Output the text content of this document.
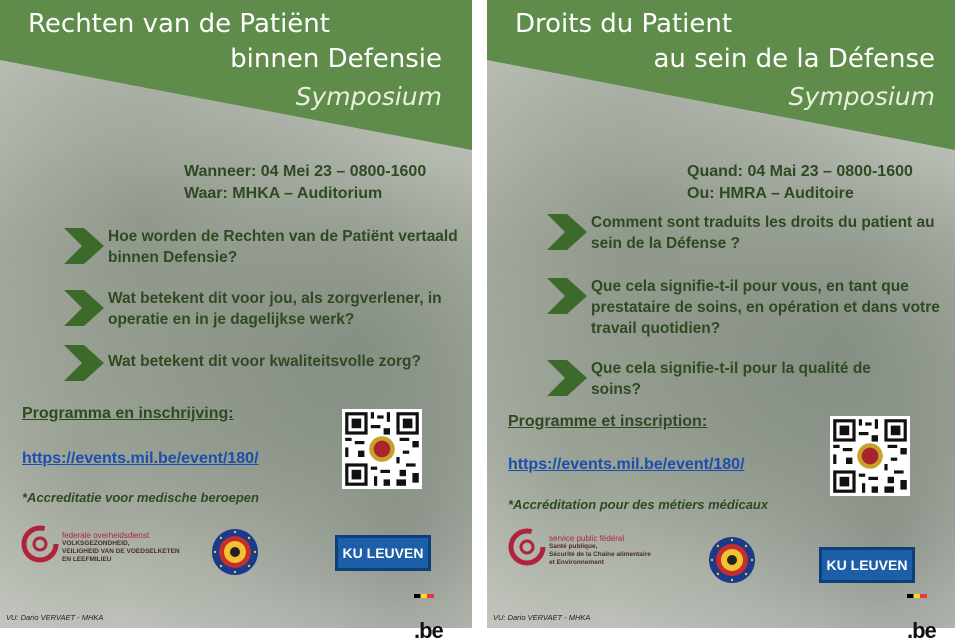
Rechten van de Patiënt
binnen Defensie
Symposium
Wanneer: 04 Mei 23 – 0800-1600
Waar: MHKA – Auditorium
Hoe worden de Rechten van de Patiënt vertaald binnen Defensie?
Wat betekent dit voor jou, als zorgverlener, in operatie en in je dagelijkse werk?
Wat betekent dit voor kwaliteitsvolle zorg?
Programma en inschrijving:
https://events.mil.be/event/180/
*Accreditatie voor medische beroepen
federale overheidsdienst
VOLKSGEZONDHEID,
VEILIGHEID VAN DE VOEDSELKETEN
EN LEEFMILIEU	KU LEUVEN
VU: Dario VERVAET - MHKA

.be
Droits du Patient
au sein de la Défense
Symposium
Quand: 04 Mai 23 – 0800-1600
Ou: HMRA – Auditoire
Comment sont traduits les droits du patient au sein de la Défense ?
Que cela signifie-t-il pour vous, en tant que prestataire de soins, en opération et dans votre travail quotidien?
Que cela signifie-t-il pour la qualité de soins?
Programme et inscription:
https://events.mil.be/event/180/
*Accréditation pour des métiers médicaux
service public fédéral
Santé publique,
Sécurité de la Chaîne alimentaire
et Environnement	KU LEUVEN
VU: Dario VERVAET - MHKA

.be
